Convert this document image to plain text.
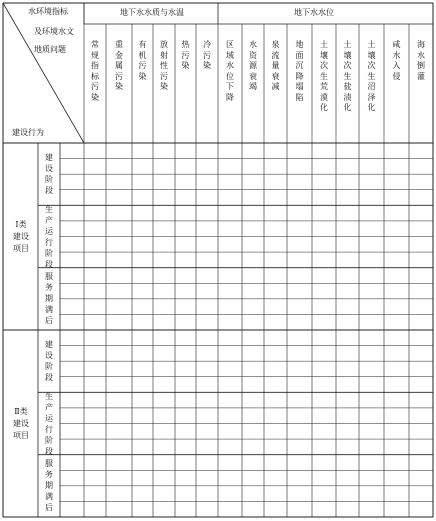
水环境指标
及环境水文
地质问题
建设行为
地下水水质与水温	地下水水位
常规指标污染
重金属污染
有机污染
放射性污染
热污染
冷污染
区域水位下降
水资源衰竭
泉流量衰减
地面沉降塌陷
土壤次生荒漠化
土壤次生盐渍化
土壤次生沼泽化
咸水入侵
海水倒灌
Ⅰ类
建设
项目
建设阶段
生产运行阶段
服务期满后
Ⅱ类
建设
项目
建设阶段
生产运行阶段
服务期满后
